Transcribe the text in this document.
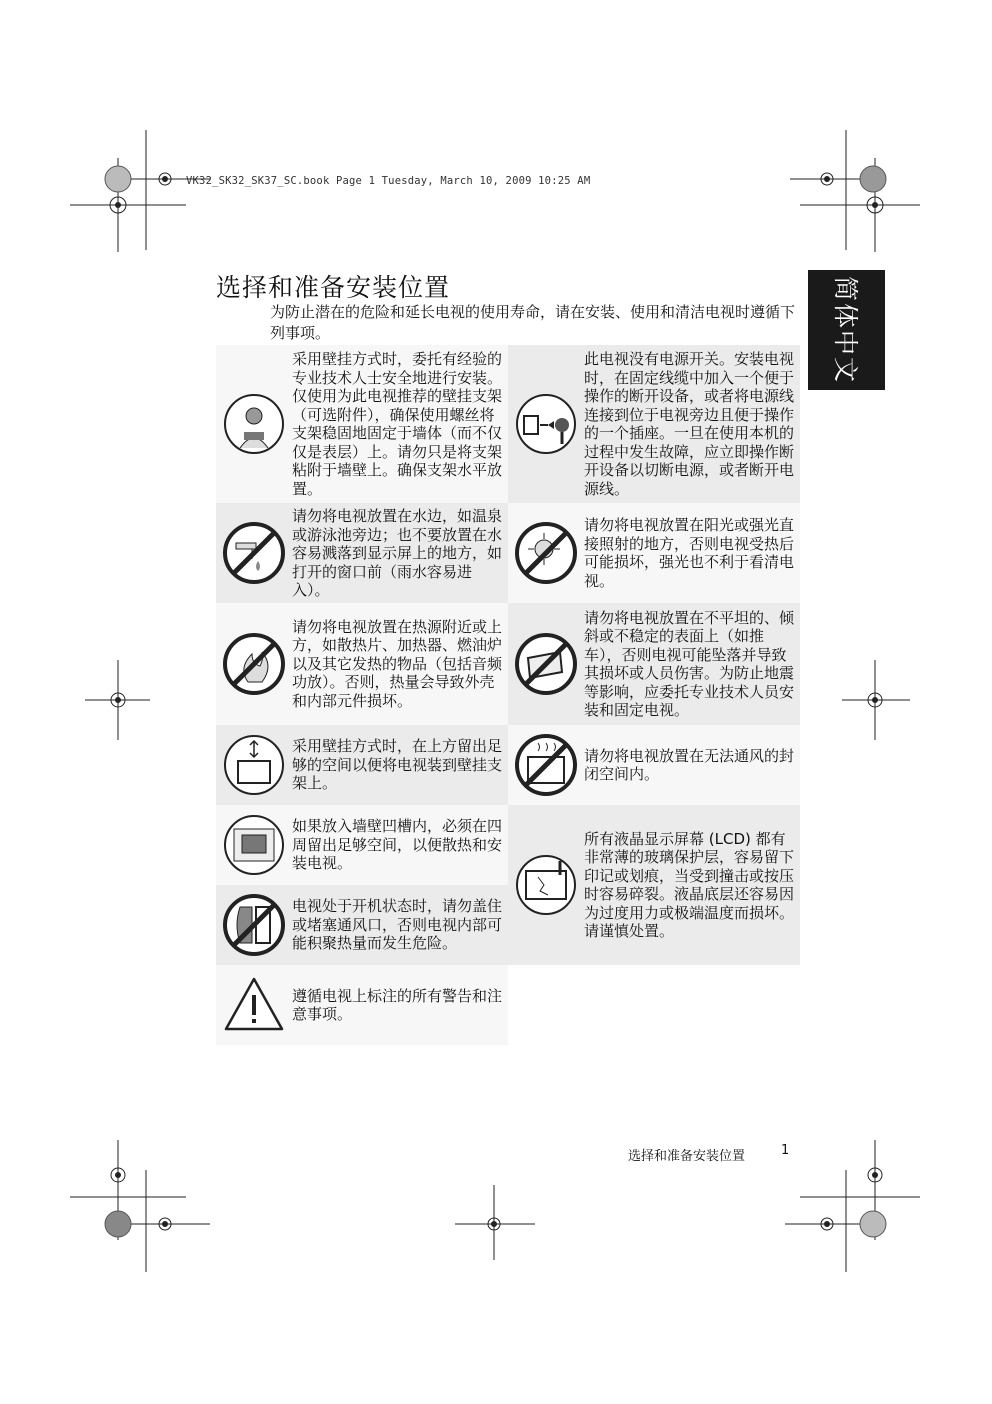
VK32_SK32_SK37_SC.book Page 1 Tuesday, March 10, 2009 10:25 AM
简体中文
选择和准备安装位置
为防止潜在的危险和延长电视的使用寿命，请在安装、使用和清洁电视时遵循下列事项。
采用壁挂方式时，委托有经验的专业技术人士安全地进行安装。仅使用为此电视推荐的壁挂支架（可选附件），确保使用螺丝将支架稳固地固定于墙体（而不仅仅是表层）上。请勿只是将支架粘附于墙壁上。确保支架水平放置。
此电视没有电源开关。安装电视时，在固定线缆中加入一个便于操作的断开设备，或者将电源线连接到位于电视旁边且便于操作的一个插座。一旦在使用本机的过程中发生故障，应立即操作断开设备以切断电源，或者断开电源线。
请勿将电视放置在水边，如温泉或游泳池旁边；也不要放置在水容易溅落到显示屏上的地方，如打开的窗口前（雨水容易进入）。
请勿将电视放置在阳光或强光直接照射的地方，否则电视受热后可能损坏，强光也不利于看清电视。
请勿将电视放置在热源附近或上方，如散热片、加热器、燃油炉以及其它发热的物品（包括音频功放）。否则，热量会导致外壳和内部元件损坏。
请勿将电视放置在不平坦的、倾斜或不稳定的表面上（如推车），否则电视可能坠落并导致其损坏或人员伤害。为防止地震等影响，应委托专业技术人员安装和固定电视。
采用壁挂方式时，在上方留出足够的空间以便将电视装到壁挂支架上。
请勿将电视放置在无法通风的封闭空间内。
如果放入墙壁凹槽内，必须在四周留出足够空间，以便散热和安装电视。
所有液晶显示屏幕 (LCD) 都有非常薄的玻璃保护层，容易留下印记或划痕，当受到撞击或按压时容易碎裂。液晶底层还容易因为过度用力或极端温度而损坏。请谨慎处置。
电视处于开机状态时，请勿盖住或堵塞通风口，否则电视内部可能积聚热量而发生危险。
遵循电视上标注的所有警告和注意事项。
选择和准备安装位置	1
